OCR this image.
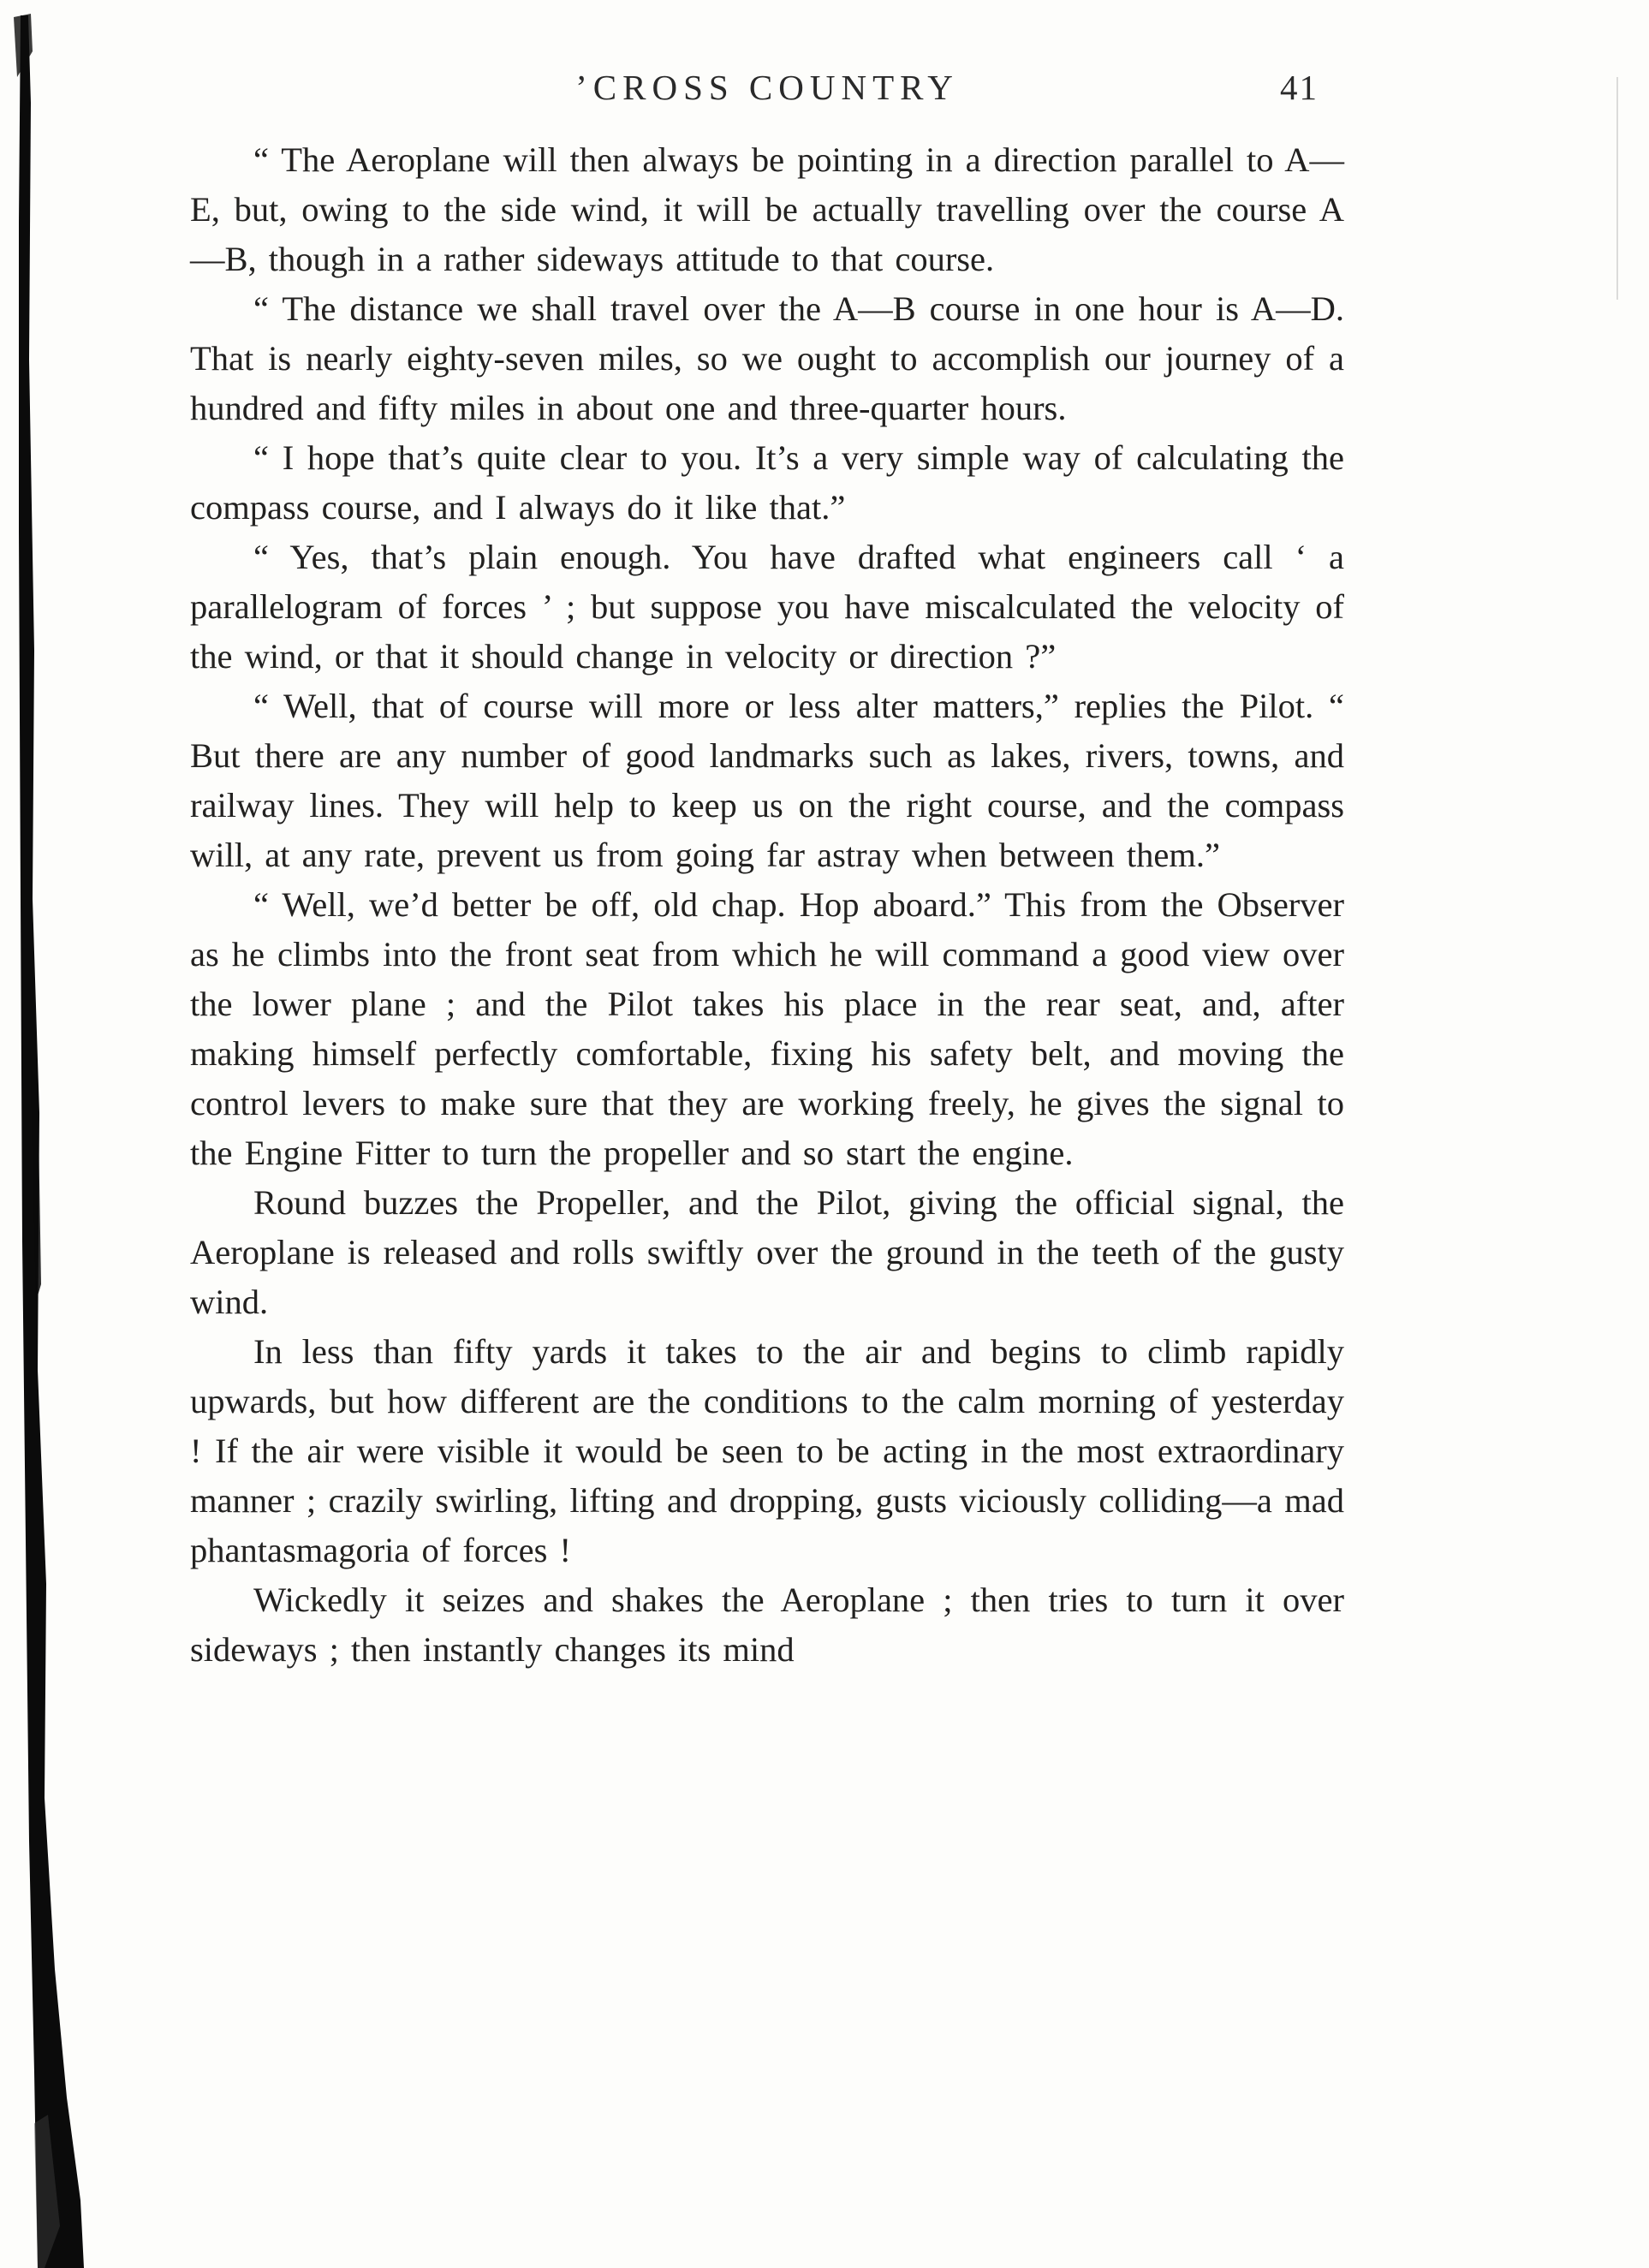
’CROSS COUNTRY	41

“ The Aeroplane will then always be pointing in a direction parallel to A—E, but, owing to the side wind, it will be actually travelling over the course A—B, though in a rather sideways attitude to that course.

“ The distance we shall travel over the A—B course in one hour is A—D. That is nearly eighty-seven miles, so we ought to accomplish our journey of a hundred and fifty miles in about one and three-quarter hours.

“ I hope that’s quite clear to you. It’s a very simple way of calculating the compass course, and I always do it like that.”

“ Yes, that’s plain enough. You have drafted what engineers call ‘ a parallelogram of forces ’ ; but suppose you have miscalculated the velocity of the wind, or that it should change in velocity or direction ?”

“ Well, that of course will more or less alter matters,” replies the Pilot. “ But there are any number of good landmarks such as lakes, rivers, towns, and railway lines. They will help to keep us on the right course, and the compass will, at any rate, prevent us from going far astray when between them.”

“ Well, we’d better be off, old chap. Hop aboard.” This from the Observer as he climbs into the front seat from which he will command a good view over the lower plane ; and the Pilot takes his place in the rear seat, and, after making himself perfectly comfortable, fixing his safety belt, and moving the control levers to make sure that they are working freely, he gives the signal to the Engine Fitter to turn the propeller and so start the engine.

Round buzzes the Propeller, and the Pilot, giving the official signal, the Aeroplane is released and rolls swiftly over the ground in the teeth of the gusty wind.

In less than fifty yards it takes to the air and begins to climb rapidly upwards, but how different are the conditions to the calm morning of yesterday ! If the air were visible it would be seen to be acting in the most extraordinary manner ; crazily swirling, lifting and dropping, gusts viciously colliding—a mad phantasmagoria of forces !

Wickedly it seizes and shakes the Aeroplane ; then tries to turn it over sideways ; then instantly changes its mind
